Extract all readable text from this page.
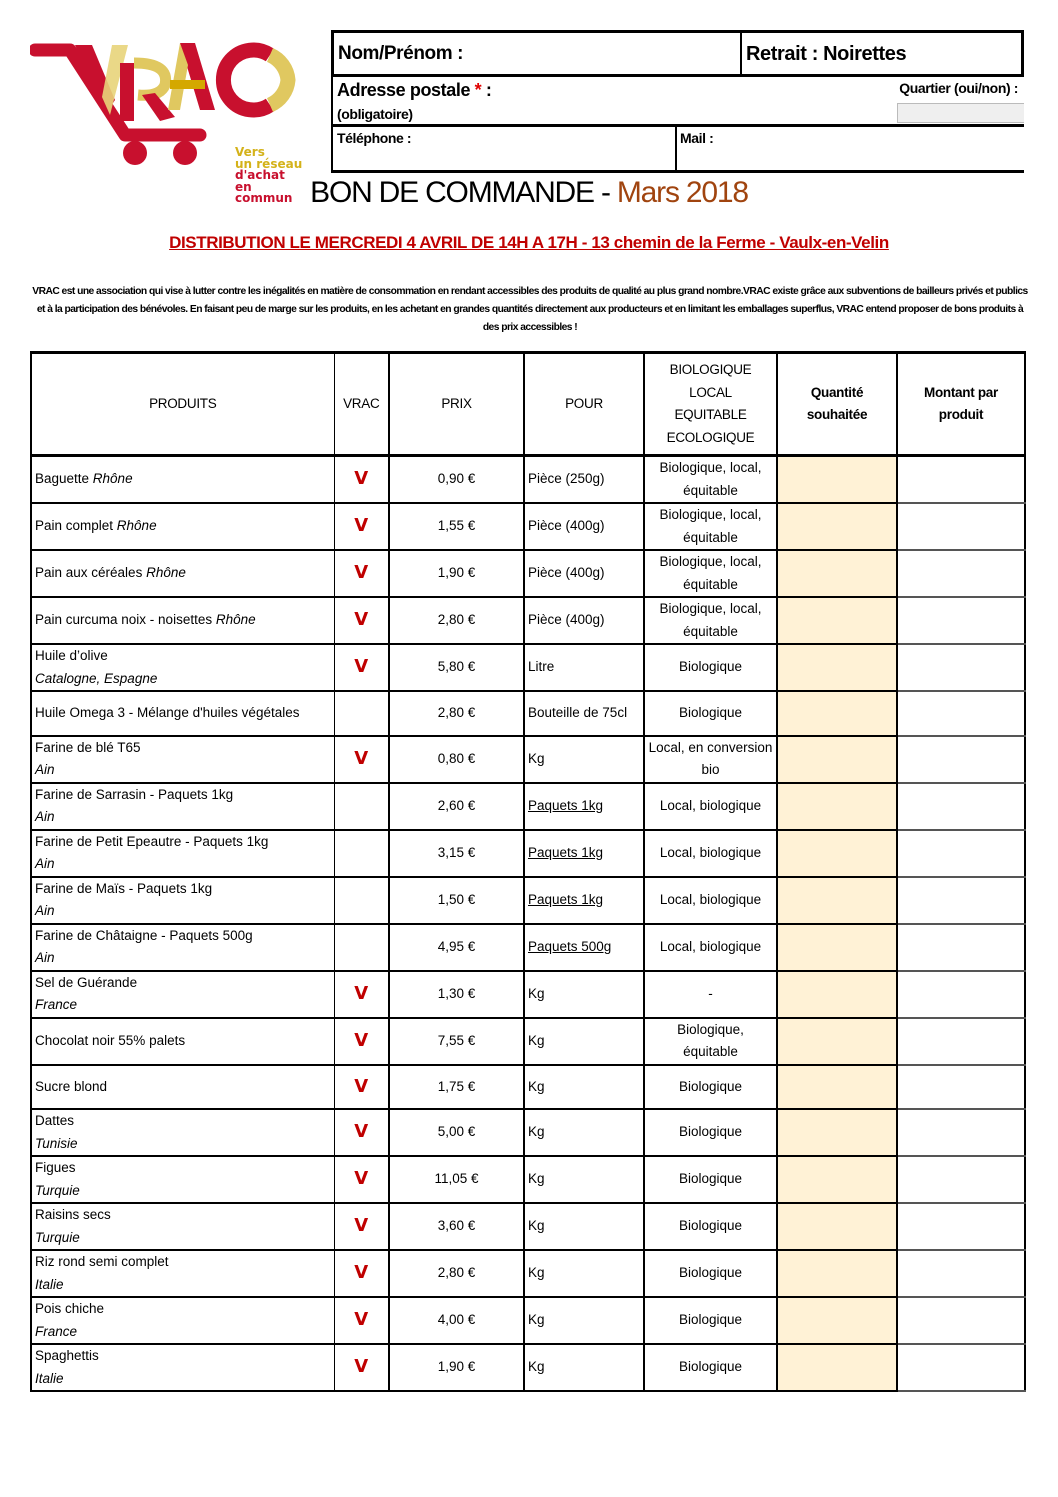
Vers
un réseau
d'achat
en commun
Nom/Prénom :	Retrait : Noirettes
Adresse postale * :
(obligatoire)
Quartier (oui/non) :
Téléphone :	Mail :
BON DE COMMANDE - Mars 2018
DISTRIBUTION LE MERCREDI 4 AVRIL DE 14H A 17H - 13 chemin de la Ferme - Vaulx-en-Velin
VRAC est une association qui vise à lutter contre les inégalités en matière de consommation en rendant accessibles des produits de qualité au plus grand nombre.VRAC existe grâce aux subventions de bailleurs privés et publics et à la participation des bénévoles. En faisant peu de marge sur les produits, en les achetant en grandes quantités directement aux producteurs et en limitant les emballages superflus, VRAC entend proposer de bons produits à des prix accessibles !
PRODUITS	VRAC	PRIX	POUR	BIOLOGIQUE
LOCAL
EQUITABLE
ECOLOGIQUE	Quantité souhaitée	Montant par produit
Baguette Rhône	V	0,90 €	Pièce (250g)	Biologique, local, équitable		
Pain complet Rhône	V	1,55 €	Pièce (400g)	Biologique, local, équitable		
Pain aux céréales Rhône	V	1,90 €	Pièce (400g)	Biologique, local, équitable		
Pain curcuma noix - noisettes Rhône	V	2,80 €	Pièce (400g)	Biologique, local, équitable		
Huile d’olive
Catalogne, Espagne	V	5,80 €	Litre	Biologique		
Huile Omega 3 - Mélange d'huiles végétales		2,80 €	Bouteille de 75cl	Biologique		
Farine de blé T65
Ain	V	0,80 €	Kg	Local, en conversion bio		
Farine de Sarrasin - Paquets 1kg
Ain		2,60 €	Paquets 1kg	Local, biologique		
Farine de Petit Epeautre - Paquets 1kg
Ain		3,15 €	Paquets 1kg	Local, biologique		
Farine de Maïs - Paquets 1kg
Ain		1,50 €	Paquets 1kg	Local, biologique		
Farine de Châtaigne - Paquets 500g
Ain		4,95 €	Paquets 500g	Local, biologique		
Sel de Guérande
France	V	1,30 €	Kg	-		
Chocolat noir 55% palets	V	7,55 €	Kg	Biologique, équitable		
Sucre blond	V	1,75 €	Kg	Biologique		
Dattes
Tunisie	V	5,00 €	Kg	Biologique		
Figues
Turquie	V	11,05 €	Kg	Biologique		
Raisins secs
Turquie	V	3,60 €	Kg	Biologique		
Riz rond semi complet
Italie	V	2,80 €	Kg	Biologique		
Pois chiche
France	V	4,00 €	Kg	Biologique		
Spaghettis
Italie	V	1,90 €	Kg	Biologique		
